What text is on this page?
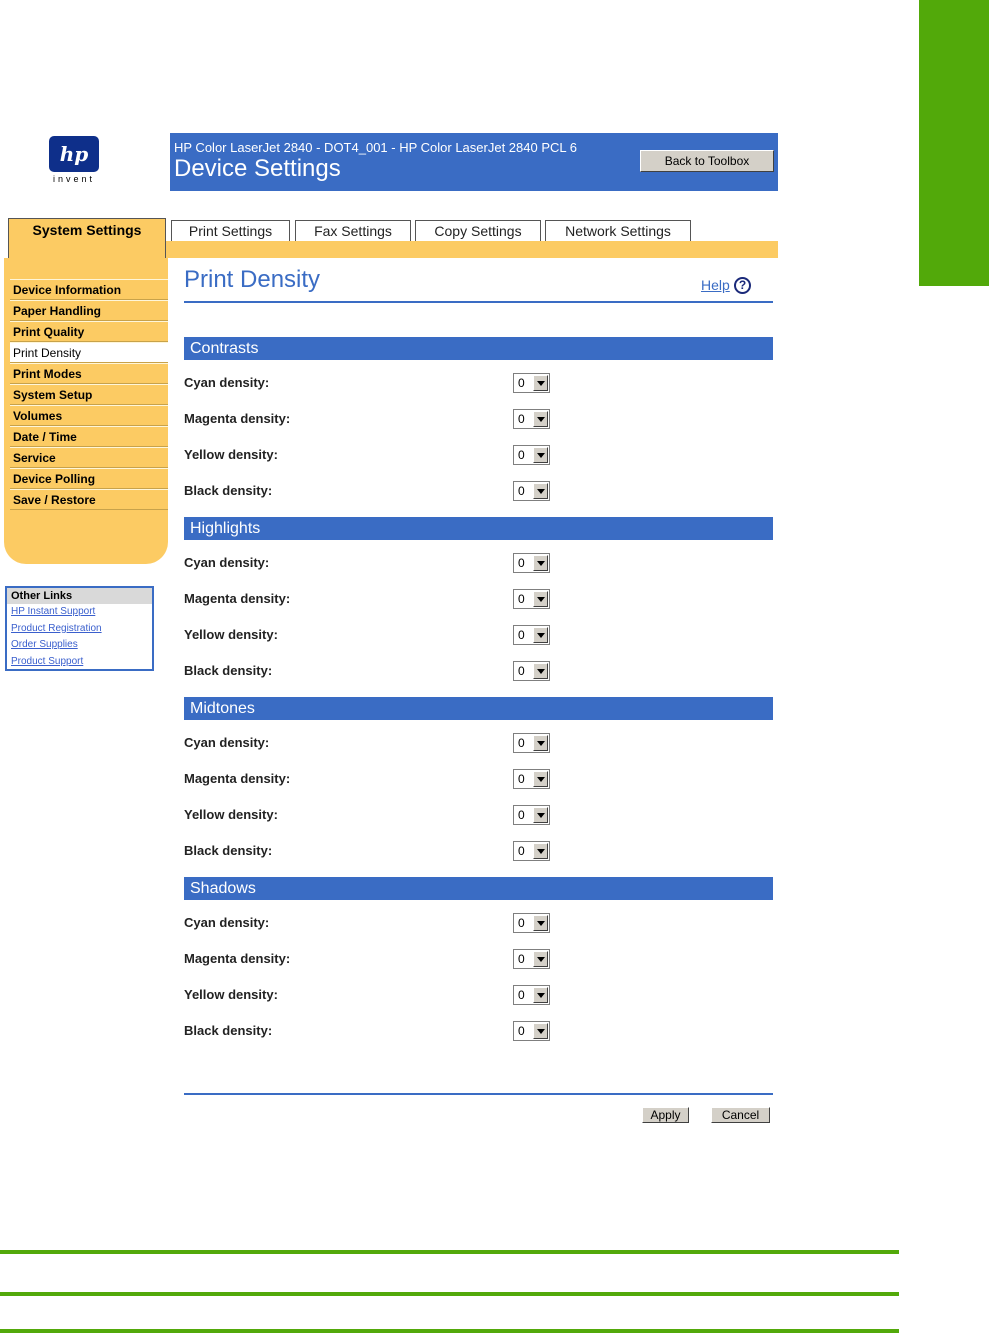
hp
invent
HP Color LaserJet 2840 - DOT4_001 - HP Color LaserJet 2840 PCL 6
Device Settings	Back to Toolbox
System Settings	Print Settings	Fax Settings	Copy Settings	Network Settings
Device Information
Paper Handling
Print Quality
Print Density
Print Modes
System Setup
Volumes
Date / Time
Service
Device Polling
Save / Restore
Other Links
HP Instant Support
Product Registration
Order Supplies
Product Support
Print Density	Help ?
Contrasts
Cyan density:	0
Magenta density:	0
Yellow density:	0
Black density:	0
Highlights
Cyan density:	0
Magenta density:	0
Yellow density:	0
Black density:	0
Midtones
Cyan density:	0
Magenta density:	0
Yellow density:	0
Black density:	0
Shadows
Cyan density:	0
Magenta density:	0
Yellow density:	0
Black density:	0
Apply	Cancel
